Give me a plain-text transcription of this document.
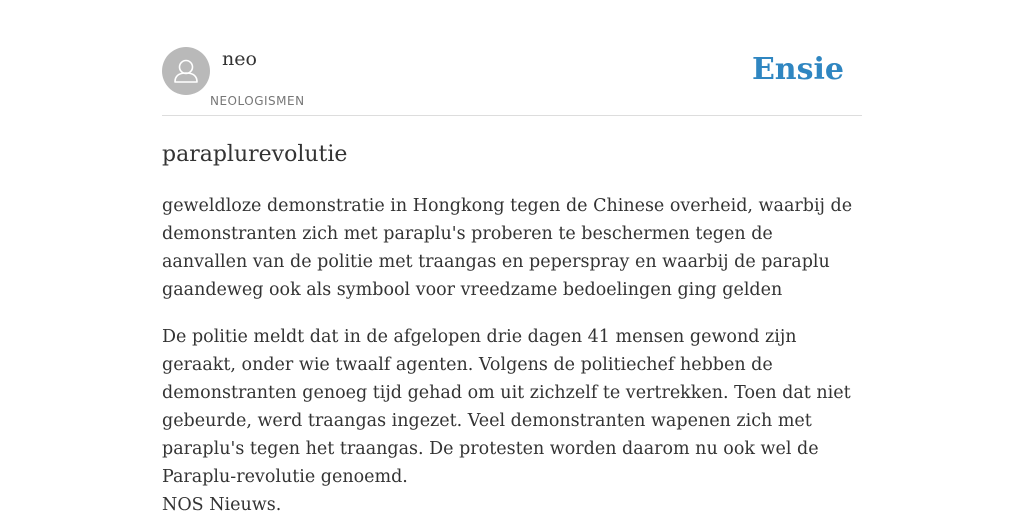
neo
NEOLOGISMEN
Ensie
paraplurevolutie

geweldloze demonstratie in Hongkong tegen de Chinese overheid, waarbij de demonstranten zich met paraplu's proberen te beschermen tegen de aanvallen van de politie met traangas en peperspray en waarbij de paraplu gaandeweg ook als symbool voor vreedzame bedoelingen ging gelden

De politie meldt dat in de afgelopen drie dagen 41 mensen gewond zijn geraakt, onder wie twaalf agenten. Volgens de politiechef hebben de demonstranten genoeg tijd gehad om uit zichzelf te vertrekken. Toen dat niet gebeurde, werd traangas ingezet. Veel demonstranten wapenen zich met paraplu's tegen het traangas. De protesten worden daarom nu ook wel de Paraplu-revolutie genoemd.
NOS Nieuws.
